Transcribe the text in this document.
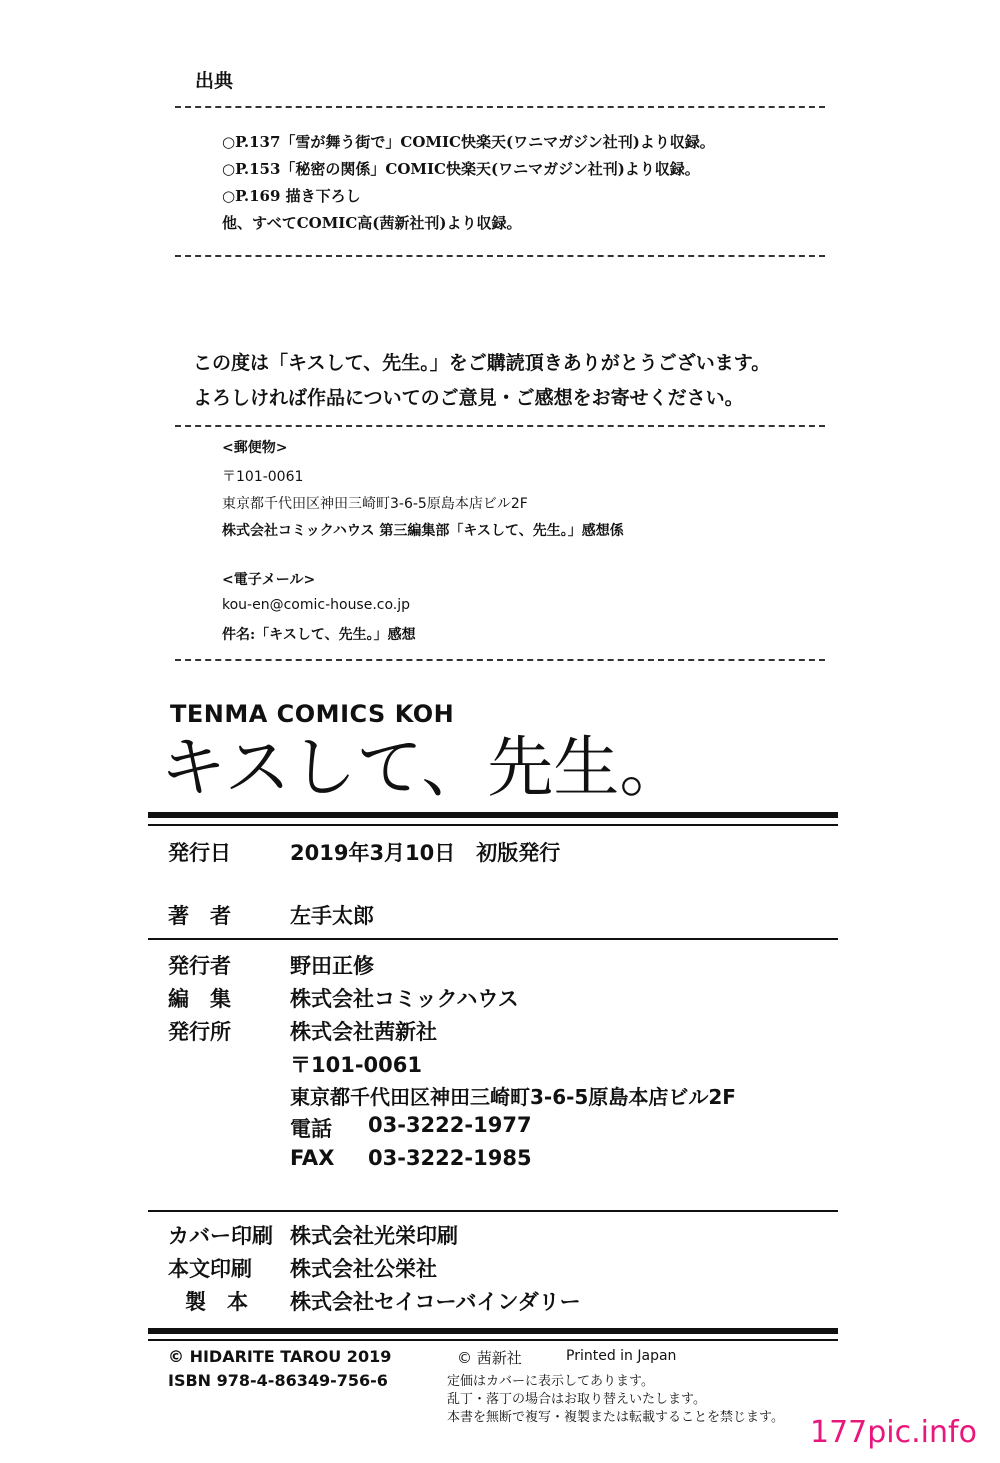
出典
○P.137「雪が舞う街で」COMIC快楽天(ワニマガジン社刊)より収録。
○P.153「秘密の関係」COMIC快楽天(ワニマガジン社刊)より収録。
○P.169 描き下ろし
他、すべてCOMIC高(茜新社刊)より収録。
この度は「キスして、先生。」をご購読頂きありがとうございます。
よろしければ作品についてのご意見・ご感想をお寄せください。
<郵便物>
〒101-0061
東京都千代田区神田三崎町3-6-5原島本店ビル2F
株式会社コミックハウス 第三編集部「キスして、先生。」感想係
<電子メール>
kou-en@comic-house.co.jp
件名:「キスして、先生。」感想
TENMA COMICS KOH
キスして、先生。
発行日	2019年3月10日　初版発行
著　者	左手太郎
発行者	野田正修
編　集	株式会社コミックハウス
発行所	株式会社茜新社
〒101-0061
東京都千代田区神田三崎町3-6-5原島本店ビル2F
電話 03-3222-1977
FAX 03-3222-1985
カバー印刷 株式会社光栄印刷
本文印刷 株式会社公栄社
製　本 株式会社セイコーバインダリー
© HIDARITE TAROU 2019
ISBN 978-4-86349-756-6
© 茜新社	Printed in Japan
定価はカバーに表示してあります。
乱丁・落丁の場合はお取り替えいたします。
本書を無断で複写・複製または転載することを禁じます。 177pic.info
